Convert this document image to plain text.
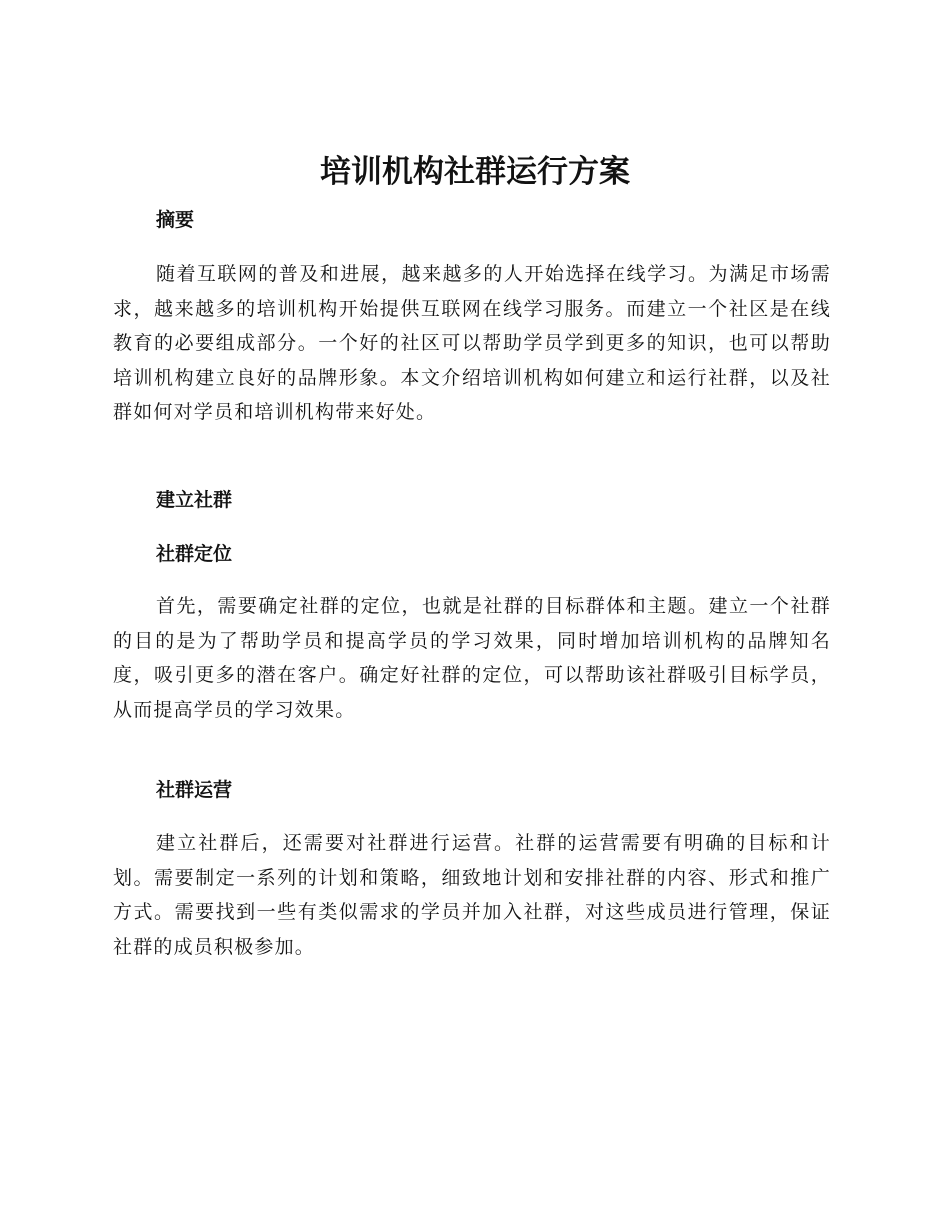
培训机构社群运行方案
摘要

随着互联网的普及和进展，越来越多的人开始选择在线学习。为满足市场需求，越来越多的培训机构开始提供互联网在线学习服务。而建立一个社区是在线教育的必要组成部分。一个好的社区可以帮助学员学到更多的知识，也可以帮助培训机构建立良好的品牌形象。本文介绍培训机构如何建立和运行社群，以及社群如何对学员和培训机构带来好处。

建立社群
社群定位

首先，需要确定社群的定位，也就是社群的目标群体和主题。建立一个社群的目的是为了帮助学员和提高学员的学习效果，同时增加培训机构的品牌知名度，吸引更多的潜在客户。确定好社群的定位，可以帮助该社群吸引目标学员，从而提高学员的学习效果。

社群运营

建立社群后，还需要对社群进行运营。社群的运营需要有明确的目标和计划。需要制定一系列的计划和策略，细致地计划和安排社群的内容、形式和推广方式。需要找到一些有类似需求的学员并加入社群，对这些成员进行管理，保证社群的成员积极参加。
